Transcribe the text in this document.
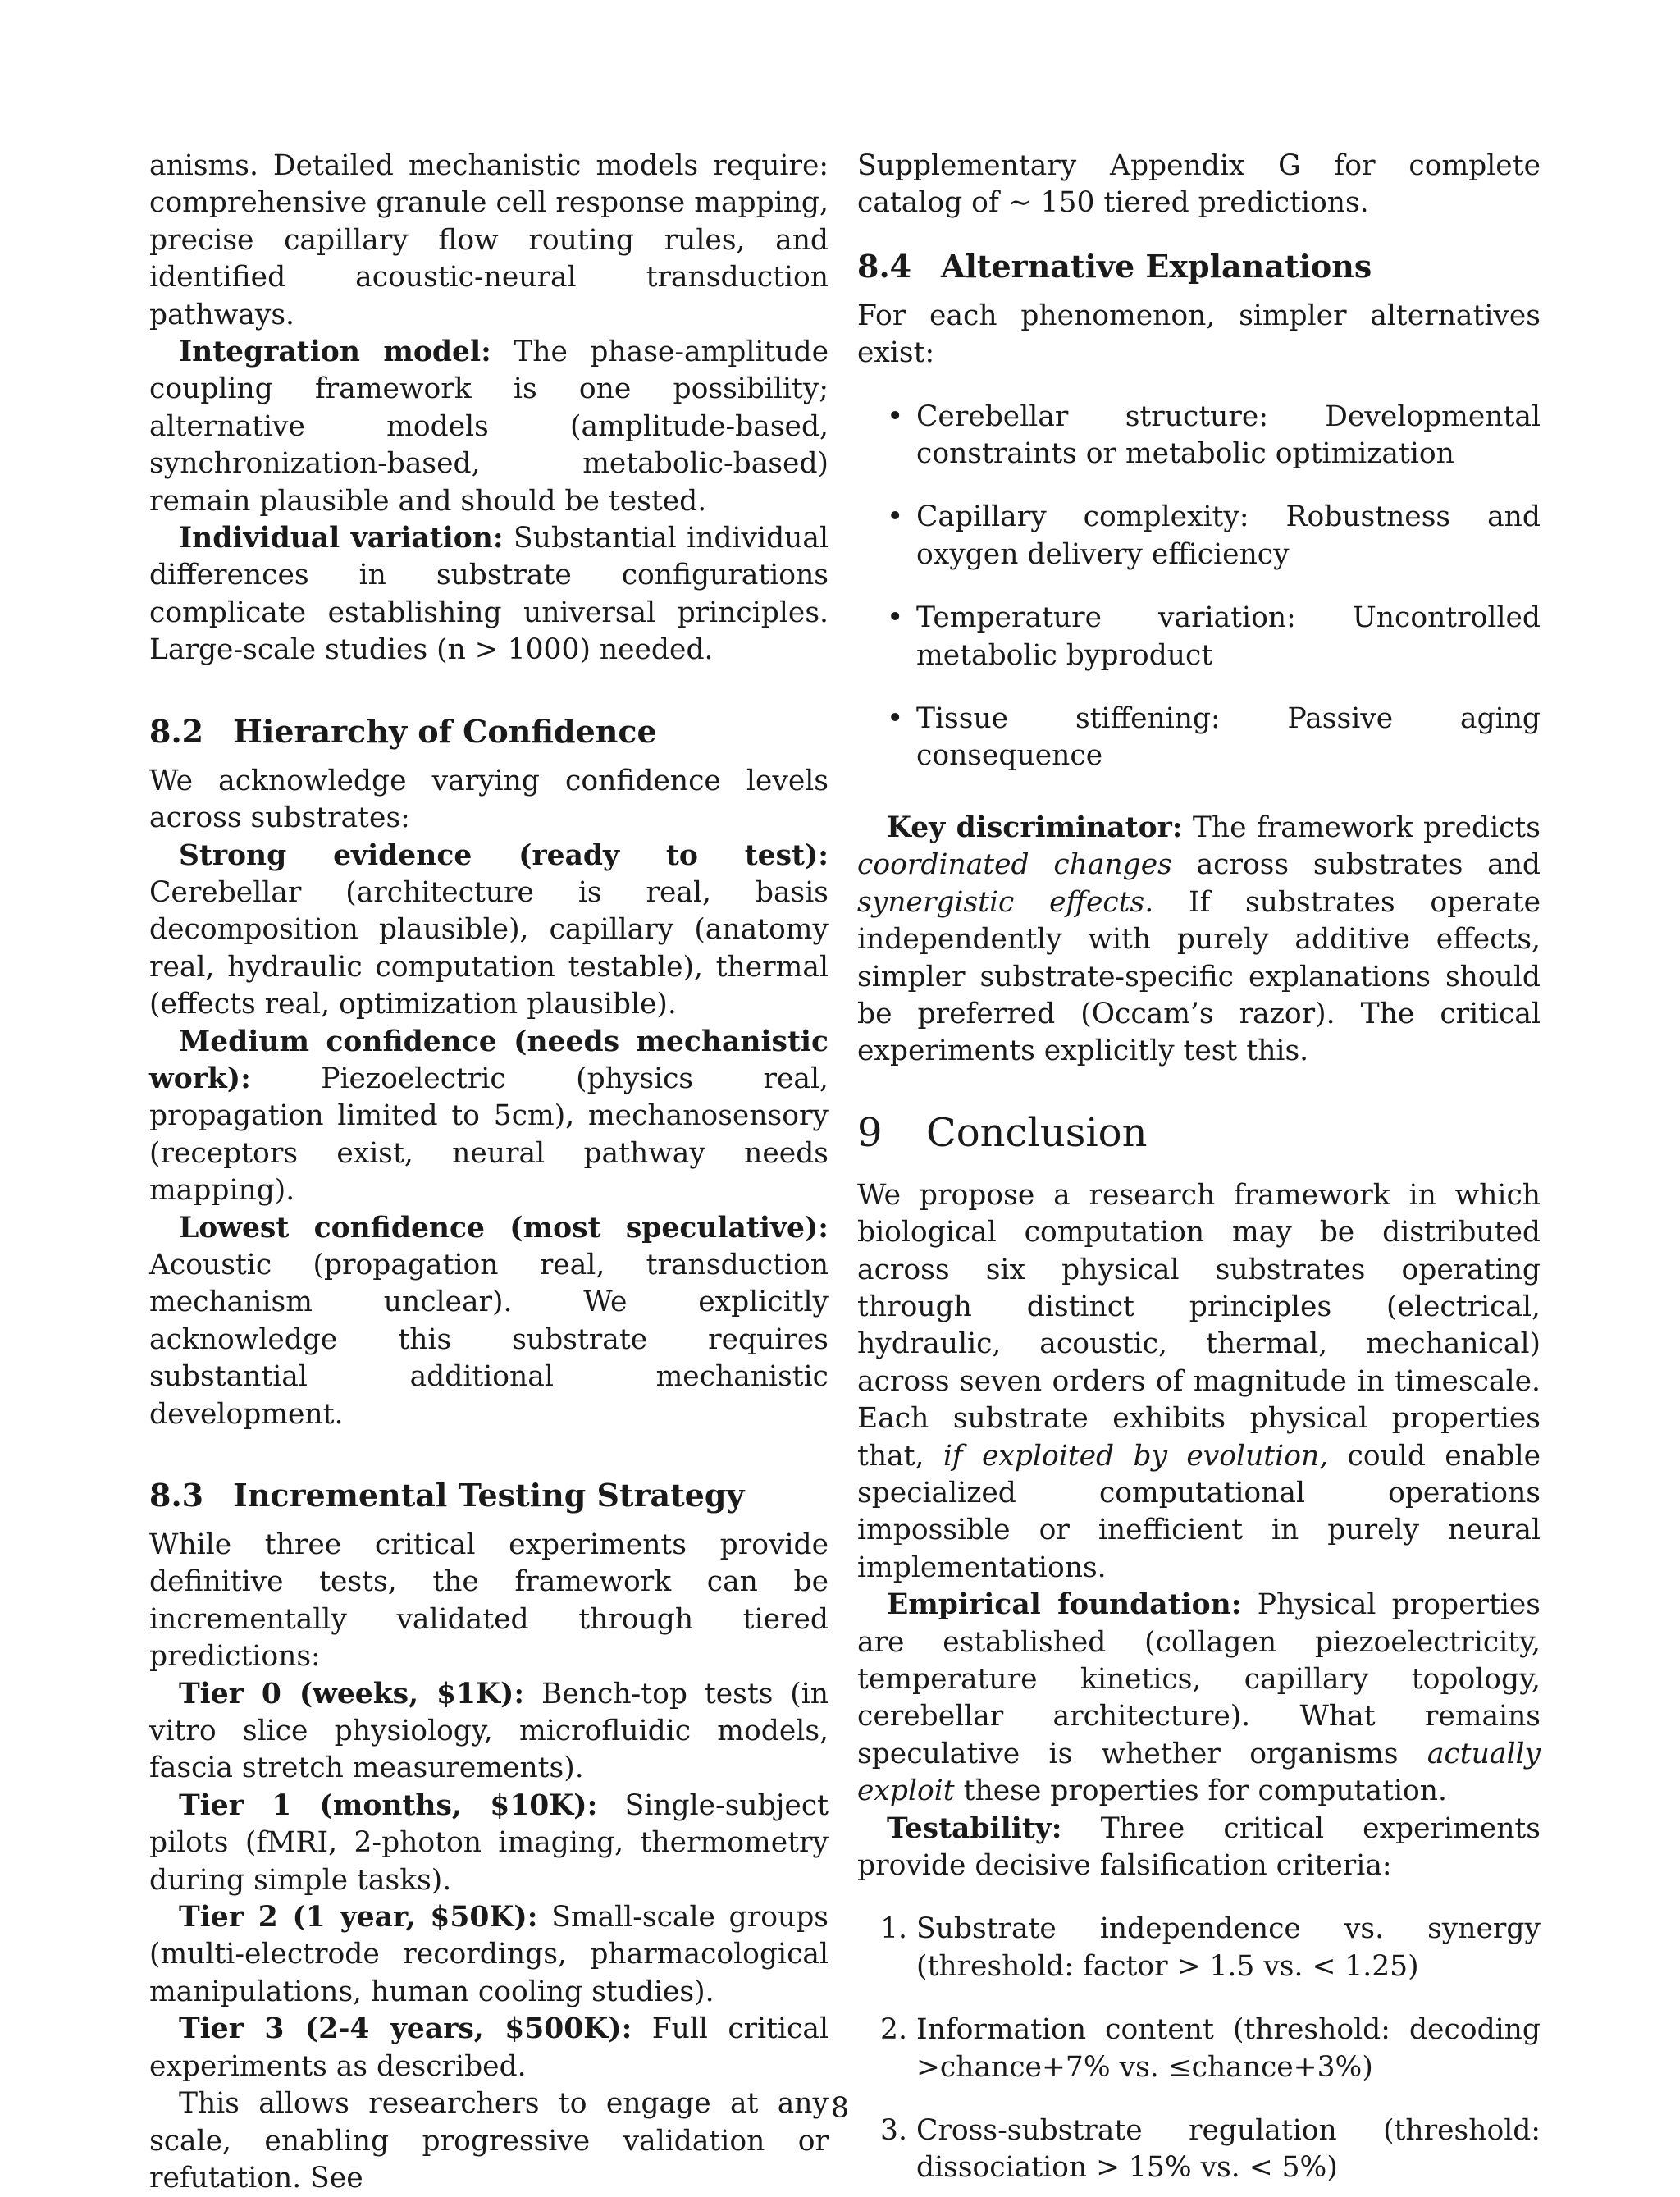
anisms. Detailed mechanistic models require: comprehensive granule cell response mapping, precise capillary flow routing rules, and identified acoustic-neural transduction pathways.

Integration model: The phase-amplitude coupling framework is one possibility; alternative models (amplitude-based, synchronization-based, metabolic-based) remain plausible and should be tested.

Individual variation: Substantial individual differences in substrate configurations complicate establishing universal principles. Large-scale studies (n > 1000) needed.

8.2 Hierarchy of Confidence

We acknowledge varying confidence levels across substrates:

Strong evidence (ready to test): Cerebellar (architecture is real, basis decomposition plausible), capillary (anatomy real, hydraulic computation testable), thermal (effects real, optimization plausible).

Medium confidence (needs mechanistic work): Piezoelectric (physics real, propagation limited to 5cm), mechanosensory (receptors exist, neural pathway needs mapping).

Lowest confidence (most speculative): Acoustic (propagation real, transduction mechanism unclear). We explicitly acknowledge this substrate requires substantial additional mechanistic development.

8.3 Incremental Testing Strategy

While three critical experiments provide definitive tests, the framework can be incrementally validated through tiered predictions:

Tier 0 (weeks, $1K): Bench-top tests (in vitro slice physiology, microfluidic models, fascia stretch measurements).

Tier 1 (months, $10K): Single-subject pilots (fMRI, 2-photon imaging, thermometry during simple tasks).

Tier 2 (1 year, $50K): Small-scale groups (multi-electrode recordings, pharmacological manipulations, human cooling studies).

Tier 3 (2-4 years, $500K): Full critical experiments as described.

This allows researchers to engage at any scale, enabling progressive validation or refutation. See

Supplementary Appendix G for complete catalog of ∼ 150 tiered predictions.

8.4 Alternative Explanations

For each phenomenon, simpler alternatives exist:

• Cerebellar structure: Developmental constraints or metabolic optimization
• Capillary complexity: Robustness and oxygen delivery efficiency
• Temperature variation: Uncontrolled metabolic byproduct
• Tissue stiffening: Passive aging consequence

Key discriminator: The framework predicts coordinated changes across substrates and synergistic effects. If substrates operate independently with purely additive effects, simpler substrate-specific explanations should be preferred (Occam’s razor). The critical experiments explicitly test this.

9 Conclusion

We propose a research framework in which biological computation may be distributed across six physical substrates operating through distinct principles (electrical, hydraulic, acoustic, thermal, mechanical) across seven orders of magnitude in timescale. Each substrate exhibits physical properties that, if exploited by evolution, could enable specialized computational operations impossible or inefficient in purely neural implementations.

Empirical foundation: Physical properties are established (collagen piezoelectricity, temperature kinetics, capillary topology, cerebellar architecture). What remains speculative is whether organisms actually exploit these properties for computation.

Testability: Three critical experiments provide decisive falsification criteria:

1. Substrate independence vs. synergy (threshold: factor > 1.5 vs. < 1.25)
2. Information content (threshold: decoding >chance+7% vs. ≤chance+3%)
3. Cross-substrate regulation (threshold: dissociation > 15% vs. < 5%)
8
